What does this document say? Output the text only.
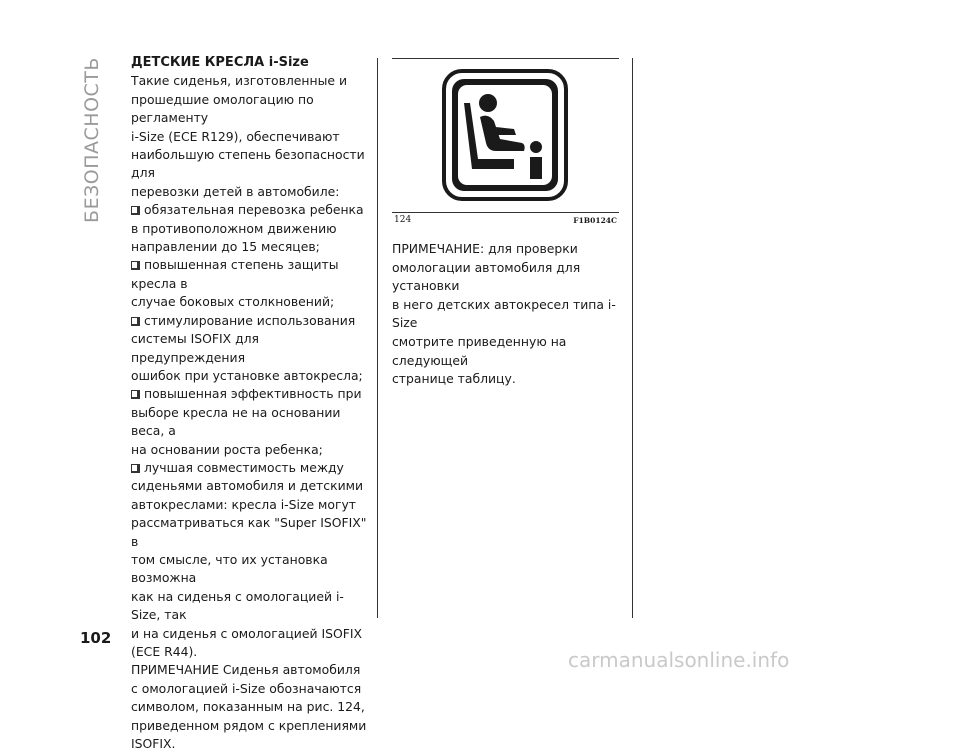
БЕЗОПАСНОСТЬ
102

ДЕТСКИЕ КРЕСЛА i-Size

Такие сиденья, изготовленные и

прошедшие омологацию по регламенту

i-Size (ЕСЕ R129), обеспечивают

наибольшую степень безопасности для

перевозки детей в автомобиле:

обязательная перевозка ребенка

в противоположном движению

направлении до 15 месяцев;

повышенная степень защиты кресла в

случае боковых столкновений;

стимулирование использования

системы ISOFIX для предупреждения

ошибок при установке автокресла;

повышенная эффективность при

выборе кресла не на основании веса, а

на основании роста ребенка;

лучшая совместимость между

сиденьями автомобиля и детскими

автокреслами: кресла i-Size могут

рассматриваться как "Super ISOFIX" в

том смысле, что их установка возможна

как на сиденья с омологацией i-Size, так

и на сиденья с омологацией ISOFIX

(ECE R44).

ПРИМЕЧАНИЕ Сиденья автомобиля

с омологацией i-Size обозначаются

символом, показанным на рис. 124,

приведенном рядом с креплениями

ISOFIX.

124	F1B0124C

ПРИМЕЧАНИЕ: для проверки

омологации автомобиля для установки

в него детских автокресел типа i-Size

смотрите приведенную на следующей

странице таблицу.

carmanualsonline.info
